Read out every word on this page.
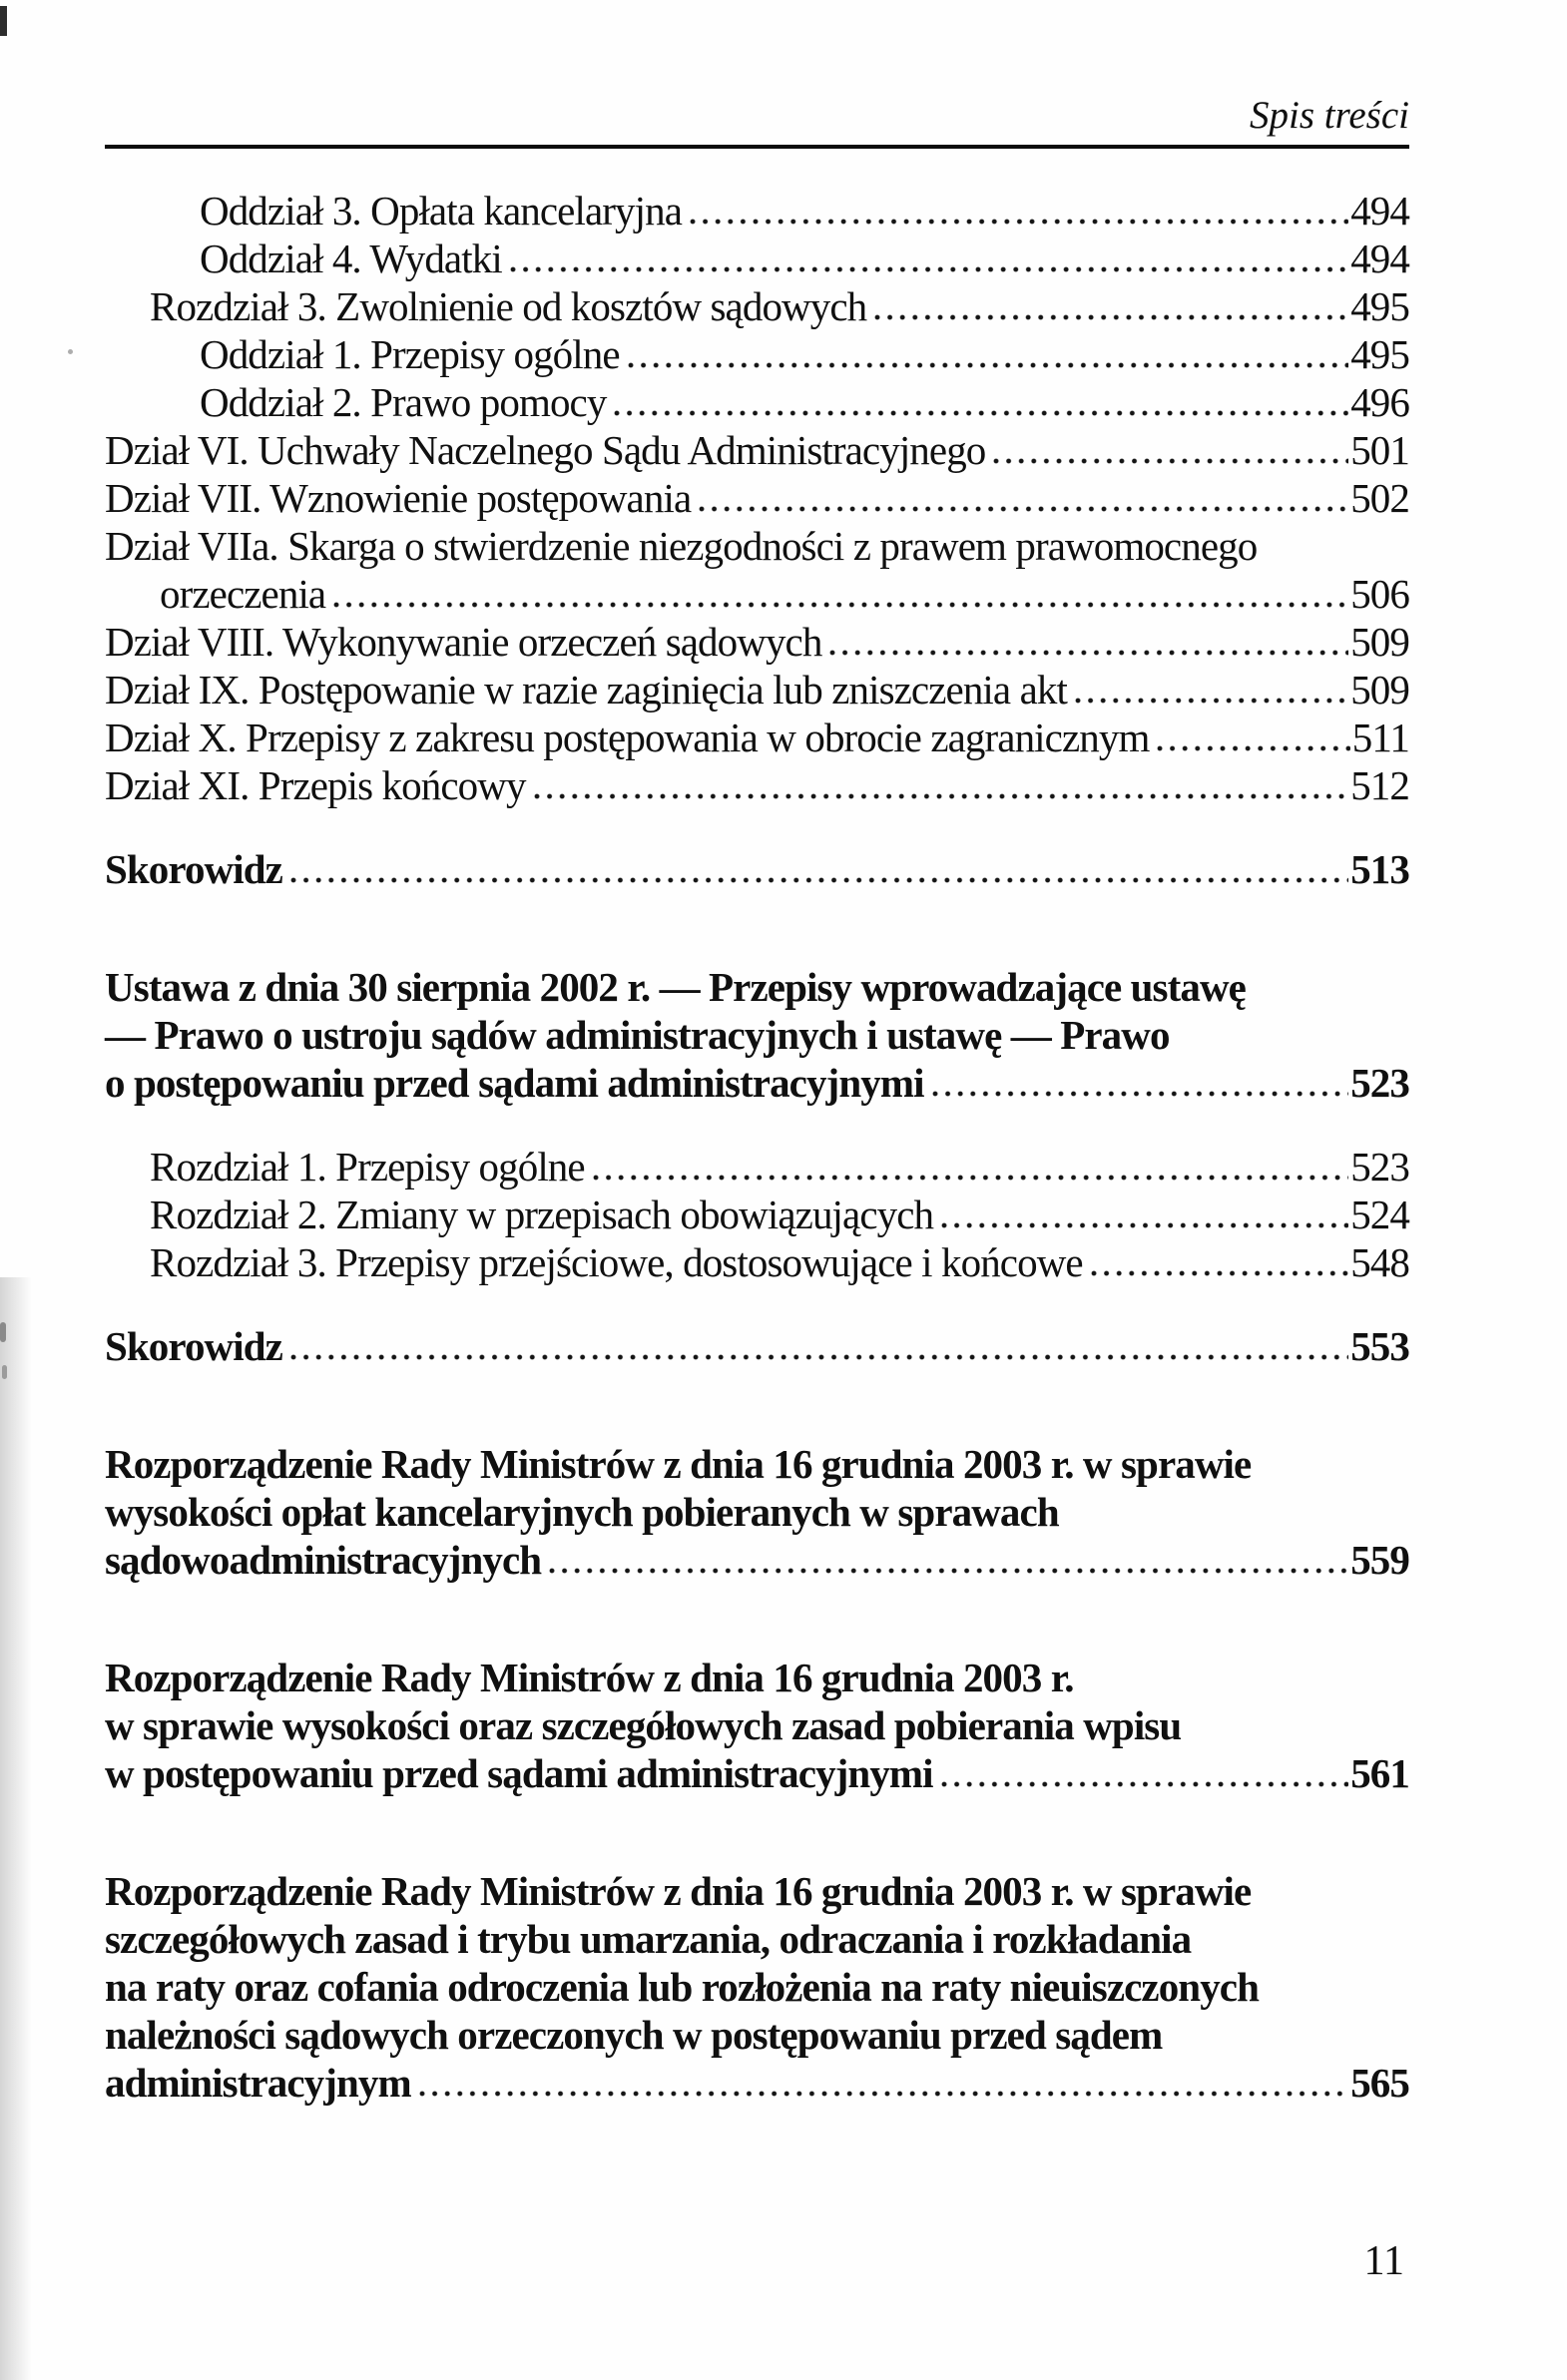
Spis treści
Oddział 3. Opłata kancelaryjna	494
Oddział 4. Wydatki	494
Rozdział 3. Zwolnienie od kosztów sądowych	495
Oddział 1. Przepisy ogólne	495
Oddział 2. Prawo pomocy	496
Dział VI. Uchwały Naczelnego Sądu Administracyjnego	501
Dział VII. Wznowienie postępowania	502
Dział VIIa. Skarga o stwierdzenie niezgodności z prawem prawomocnego
orzeczenia	506
Dział VIII. Wykonywanie orzeczeń sądowych	509
Dział IX. Postępowanie w razie zaginięcia lub zniszczenia akt	509
Dział X. Przepisy z zakresu postępowania w obrocie zagranicznym	511
Dział XI. Przepis końcowy	512
Skorowidz	513
Ustawa z dnia 30 sierpnia 2002 r. — Przepisy wprowadzające ustawę
— Prawo o ustroju sądów administracyjnych i ustawę — Prawo
o postępowaniu przed sądami administracyjnymi	523
Rozdział 1. Przepisy ogólne	523
Rozdział 2. Zmiany w przepisach obowiązujących	524
Rozdział 3. Przepisy przejściowe, dostosowujące i końcowe	548
Skorowidz	553
Rozporządzenie Rady Ministrów z dnia 16 grudnia 2003 r. w sprawie
wysokości opłat kancelaryjnych pobieranych w sprawach
sądowoadministracyjnych	559
Rozporządzenie Rady Ministrów z dnia 16 grudnia 2003 r.
w sprawie wysokości oraz szczegółowych zasad pobierania wpisu
w postępowaniu przed sądami administracyjnymi	561
Rozporządzenie Rady Ministrów z dnia 16 grudnia 2003 r. w sprawie
szczegółowych zasad i trybu umarzania, odraczania i rozkładania
na raty oraz cofania odroczenia lub rozłożenia na raty nieuiszczonych
należności sądowych orzeczonych w postępowaniu przed sądem
administracyjnym	565
11
